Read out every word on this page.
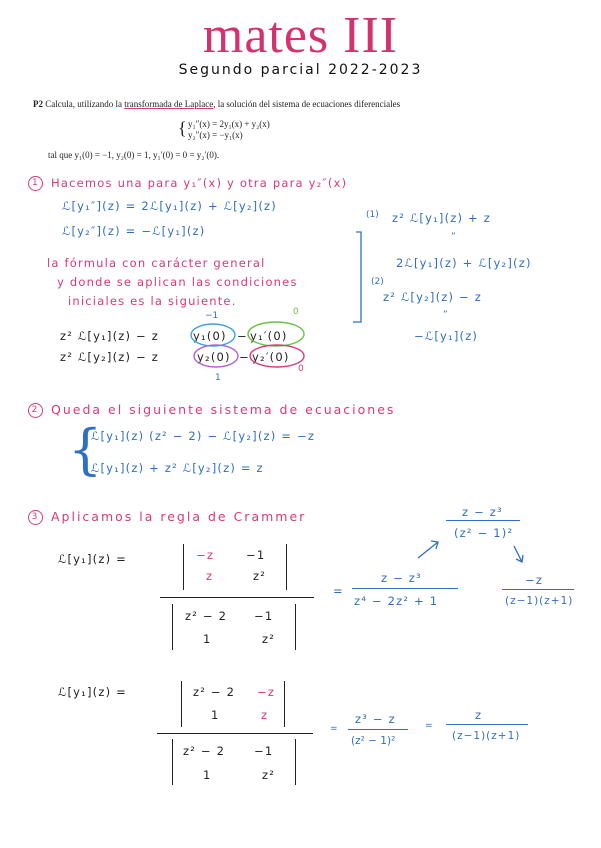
mates III
Segundo parcial 2022-2023
P2 Calcula, utilizando la transformada de Laplace, la solución del sistema de ecuaciones diferenciales
{ y₁″(x) = 2y₁(x) + y₂(x)
y₂″(x) = −y₁(x)
tal que y₁(0) = −1, y₂(0) = 1, y₁′(0) = 0 = y₂′(0).
1 Hacemos una para y₁″(x) y otra para y₂″(x)
ℒ[y₁″](z) = 2ℒ[y₁](z) + ℒ[y₂](z)
ℒ[y₂″](z) = −ℒ[y₁](z)
la fórmula con carácter general
y donde se aplican las condiciones
iniciales es la siguiente.
−1	0
z² ℒ[y₁](z) − z	y₁(0) − y₁′(0)
z² ℒ[y₂](z) − z	y₂(0) − y₂′(0)
1
0
(1) z² ℒ[y₁](z) + z
”
2ℒ[y₁](z) + ℒ[y₂](z)
(2)
z² ℒ[y₂](z) − z
”
−ℒ[y₁](z)
2 Queda el siguiente sistema de ecuaciones
{
ℒ[y₁](z) (z² − 2) − ℒ[y₂](z) = −z
ℒ[y₁](z) + z² ℒ[y₂](z) = z
3 Aplicamos la regla de Crammer
ℒ[y₁](z) =	−z	−1
z	z²
z² − 2 −1
1	z²
=
z − z³
z⁴ − 2z² + 1
z − z³
(z² − 1)²
−z
(z−1)(z+1)
ℒ[y₁](z) =	z² − 2 −z
1	z
z² − 2	−1
1	z²
=
z³ − z
(z² − 1)²
=
z
(z−1)(z+1)
